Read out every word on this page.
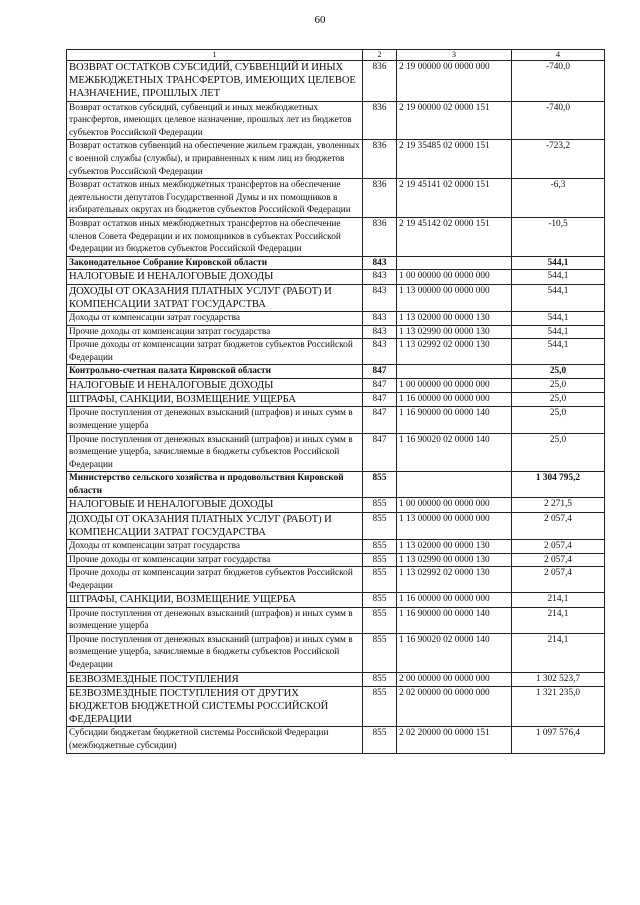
60
1	2	3	4
ВОЗВРАТ ОСТАТКОВ СУБСИДИЙ, СУБВЕНЦИЙ И ИНЫХ МЕЖБЮДЖЕТНЫХ ТРАНСФЕРТОВ, ИМЕЮЩИХ ЦЕЛЕВОЕ НАЗНАЧЕНИЕ, ПРОШЛЫХ ЛЕТ	836	2 19 00000 00 0000 000	-740,0
Возврат остатков субсидий, субвенций и иных межбюджетных трансфертов, имеющих целевое назначение, прошлых лет из бюджетов субъектов Российской Федерации	836	2 19 00000 02 0000 151	-740,0
Возврат остатков субвенций на обеспечение жильем граждан, уволенных с военной службы (службы), и приравненных к ним лиц из бюджетов субъектов Российской Федерации	836	2 19 35485 02 0000 151	-723,2
Возврат остатков иных межбюджетных трансфертов на обеспечение деятельности депутатов Государственной Думы и их помощников в избирательных округах из бюджетов субъектов Российской Федерации	836	2 19 45141 02 0000 151	-6,3
Возврат остатков иных межбюджетных трансфертов на обеспечение членов Совета Федерации и их помощников в субъектах Российской Федерации из бюджетов субъектов Российской Федерации	836	2 19 45142 02 0000 151	-10,5
Законодательное Собрание Кировской области	843		544,1
НАЛОГОВЫЕ И НЕНАЛОГОВЫЕ ДОХОДЫ	843	1 00 00000 00 0000 000	544,1
ДОХОДЫ ОТ ОКАЗАНИЯ ПЛАТНЫХ УСЛУГ (РАБОТ) И КОМПЕНСАЦИИ ЗАТРАТ ГОСУДАРСТВА	843	1 13 00000 00 0000 000	544,1
Доходы от компенсации затрат государства	843	1 13 02000 00 0000 130	544,1
Прочие доходы от компенсации затрат государства	843	1 13 02990 00 0000 130	544,1
Прочие доходы от компенсации затрат бюджетов субъектов Российской Федерации	843	1 13 02992 02 0000 130	544,1
Контрольно-счетная палата Кировской области	847		25,0
НАЛОГОВЫЕ И НЕНАЛОГОВЫЕ ДОХОДЫ	847	1 00 00000 00 0000 000	25,0
ШТРАФЫ, САНКЦИИ, ВОЗМЕЩЕНИЕ УЩЕРБА	847	1 16 00000 00 0000 000	25,0
Прочие поступления от денежных взысканий (штрафов) и иных сумм в возмещение ущерба	847	1 16 90000 00 0000 140	25,0
Прочие поступления от денежных взысканий (штрафов) и иных сумм в возмещение ущерба, зачисляемые в бюджеты субъектов Российской Федерации	847	1 16 90020 02 0000 140	25,0
Министерство сельского хозяйства и продовольствия Кировской области	855		1 304 795,2
НАЛОГОВЫЕ И НЕНАЛОГОВЫЕ ДОХОДЫ	855	1 00 00000 00 0000 000	2 271,5
ДОХОДЫ ОТ ОКАЗАНИЯ ПЛАТНЫХ УСЛУГ (РАБОТ) И КОМПЕНСАЦИИ ЗАТРАТ ГОСУДАРСТВА	855	1 13 00000 00 0000 000	2 057,4
Доходы от компенсации затрат государства	855	1 13 02000 00 0000 130	2 057,4
Прочие доходы от компенсации затрат государства	855	1 13 02990 00 0000 130	2 057,4
Прочие доходы от компенсации затрат бюджетов субъектов Российской Федерации	855	1 13 02992 02 0000 130	2 057,4
ШТРАФЫ, САНКЦИИ, ВОЗМЕЩЕНИЕ УЩЕРБА	855	1 16 00000 00 0000 000	214,1
Прочие поступления от денежных взысканий (штрафов) и иных сумм в возмещение ущерба	855	1 16 90000 00 0000 140	214,1
Прочие поступления от денежных взысканий (штрафов) и иных сумм в возмещение ущерба, зачисляемые в бюджеты субъектов Российской Федерации	855	1 16 90020 02 0000 140	214,1
БЕЗВОЗМЕЗДНЫЕ ПОСТУПЛЕНИЯ	855	2 00 00000 00 0000 000	1 302 523,7
БЕЗВОЗМЕЗДНЫЕ ПОСТУПЛЕНИЯ ОТ ДРУГИХ БЮДЖЕТОВ БЮДЖЕТНОЙ СИСТЕМЫ РОССИЙСКОЙ ФЕДЕРАЦИИ	855	2 02 00000 00 0000 000	1 321 235,0
Субсидии бюджетам бюджетной системы Российской Федерации (межбюджетные субсидии)	855	2 02 20000 00 0000 151	1 097 576,4
